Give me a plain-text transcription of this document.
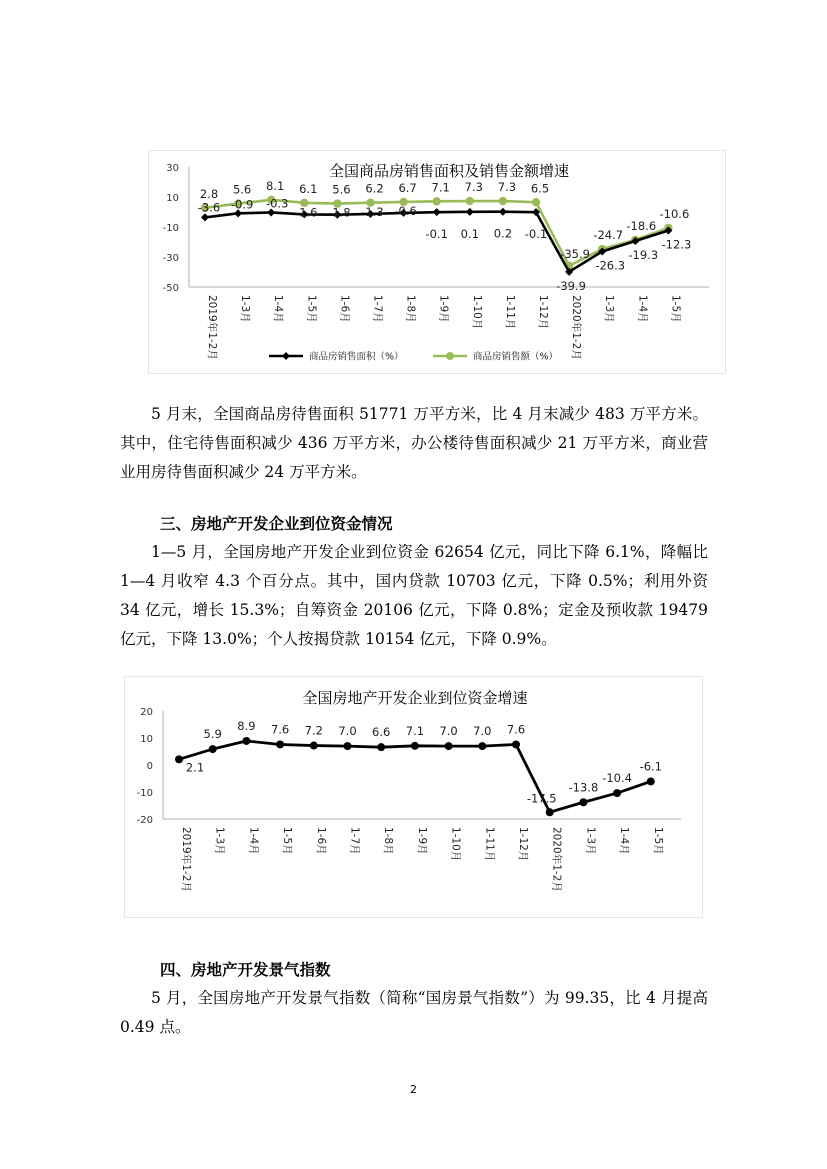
全国商品房销售面积及销售金额增速
30
10
-10
-30
-50
2019年1-2月 1-3月 1-4月 1-5月 1-6月 1-7月 1-8月 1-9月 1-10月 1-11月 1-12月 2020年1-2月 1-3月 1-4月 1-5月
-3.6 -0.9 -0.3
-1.6 -1.8 -1.3 -0.6
-0.1 0.1 0.2 -0.1
-39.9
-26.3
-19.3
-12.3
2.8 5.6 8.1 6.1 5.6 6.2 6.7 7.1 7.3 7.3 6.5
-35.9
-24.7
-18.6
-10.6
商品房销售面积（%）	商品房销售额（%）

5 月末，全国商品房待售面积 51771 万平方米，比 4 月末减少 483 万平方米。其中，住宅待售面积减少 436 万平方米，办公楼待售面积减少 21 万平方米，商业营业用房待售面积减少 24 万平方米。

三、房地产开发企业到位资金情况

1—5 月，全国房地产开发企业到位资金 62654 亿元，同比下降 6.1%，降幅比 1—4 月收窄 4.3 个百分点。其中，国内贷款 10703 亿元，下降 0.5%；利用外资 34 亿元，增长 15.3%；自筹资金 20106 亿元，下降 0.8%；定金及预收款 19479 亿元，下降 13.0%；个人按揭贷款 10154 亿元，下降 0.9%。

全国房地产开发企业到位资金增速
20
10
0
-10
-20
2019年1-2月 1-3月 1-4月 1-5月 1-6月 1-7月 1-8月 1-9月 1-10月 1-11月 1-12月 2020年1-2月 1-3月 1-4月 1-5月
2.1
5.9
8.9 7.6 7.2 7.0 6.6 7.1 7.0 7.0 7.6
-17.5
-13.8
-10.4
-6.1
四、房地产开发景气指数

5 月，全国房地产开发景气指数（简称“国房景气指数”）为 99.35，比 4 月提高 0.49 点。

2
